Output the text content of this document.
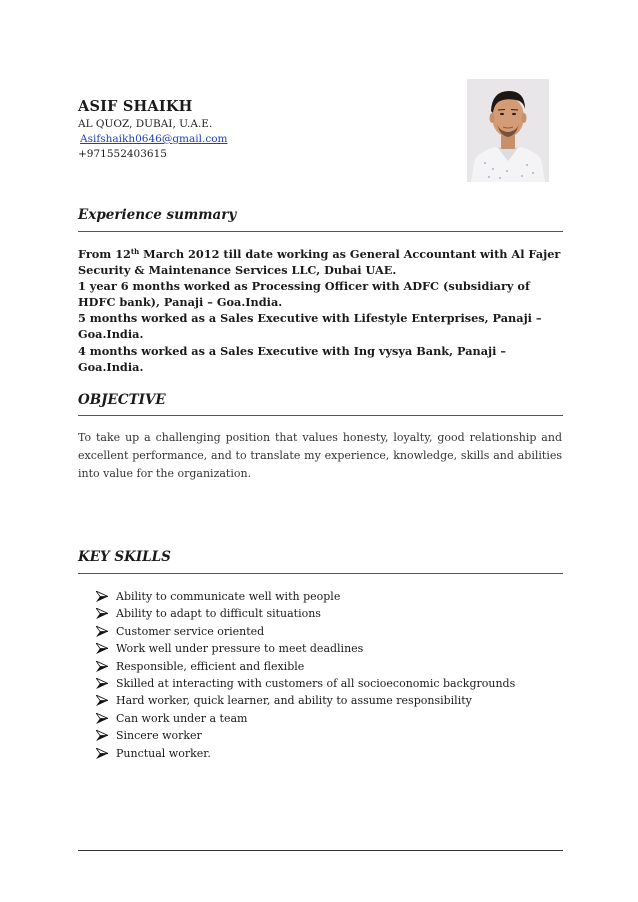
ASIF SHAIKH
AL QUOZ, DUBAI, U.A.E.
Asifshaikh0646@gmail.com
+971552403615
Experience summary

From 12th March 2012 till date working as General Accountant with Al Fajer Security & Maintenance Services LLC, Dubai UAE.

1 year 6 months worked as Processing Officer with ADFC (subsidiary of HDFC bank), Panaji – Goa.India.

5 months worked as a Sales Executive with Lifestyle Enterprises, Panaji – Goa.India.

4 months worked as a Sales Executive with Ing vysya Bank, Panaji – Goa.India.

OBJECTIVE

To take up a challenging position that values honesty, loyalty, good relationship and excellent performance, and to translate my experience, knowledge, skills and abilities into value for the organization.

KEY SKILLS
Ability to communicate well with people
Ability to adapt to difficult situations
Customer service oriented
Work well under pressure to meet deadlines
Responsible, efficient and flexible
Skilled at interacting with customers of all socioeconomic backgrounds
Hard worker, quick learner, and ability to assume responsibility
Can work under a team
Sincere worker
Punctual worker.
